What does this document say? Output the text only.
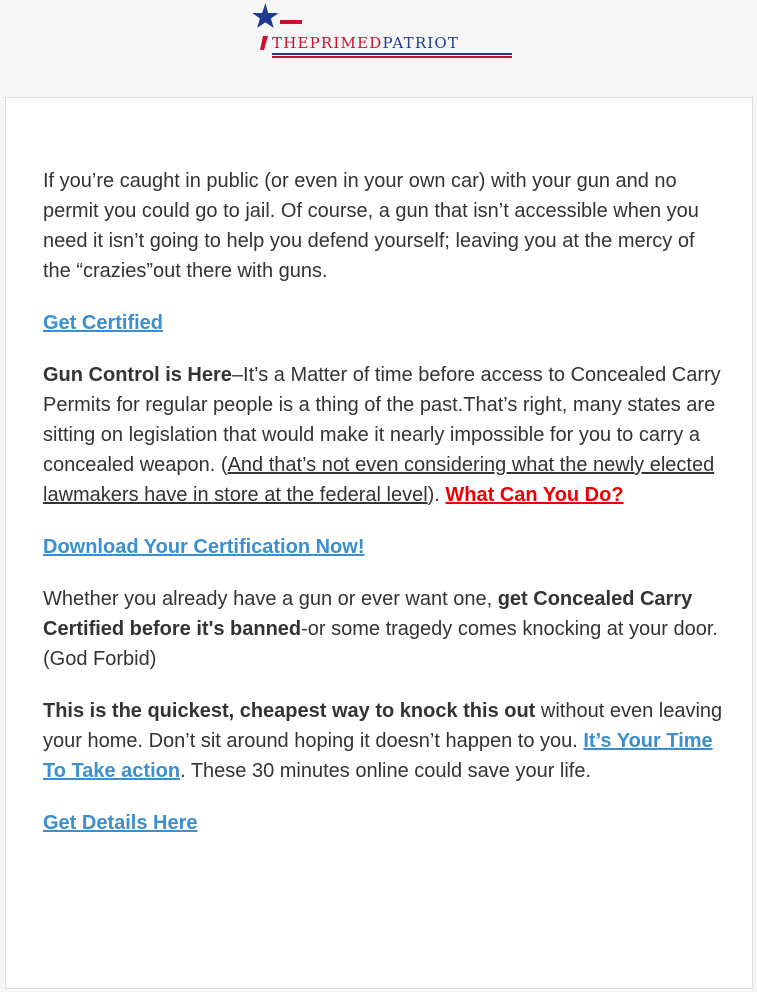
THEPRIMEDPATRIOT

If you’re caught in public (or even in your own car) with your gun and no permit you could go to jail. Of course, a gun that isn’t accessible when you need it isn’t going to help you defend yourself; leaving you at the mercy of the “crazies”out there with guns.

Get Certified

Gun Control is Here–It’s a Matter of time before access to Concealed Carry Permits for regular people is a thing of the past.That’s right, many states are sitting on legislation that would make it nearly impossible for you to carry a concealed weapon. (And that’s not even considering what the newly elected lawmakers have in store at the federal level). What Can You Do?

Download Your Certification Now!

Whether you already have a gun or ever want one, get Concealed Carry Certified before it's banned-or some tragedy comes knocking at your door. (God Forbid)

This is the quickest, cheapest way to knock this out without even leaving your home. Don’t sit around hoping it doesn’t happen to you. It’s Your Time To Take action. These 30 minutes online could save your life.

Get Details Here
